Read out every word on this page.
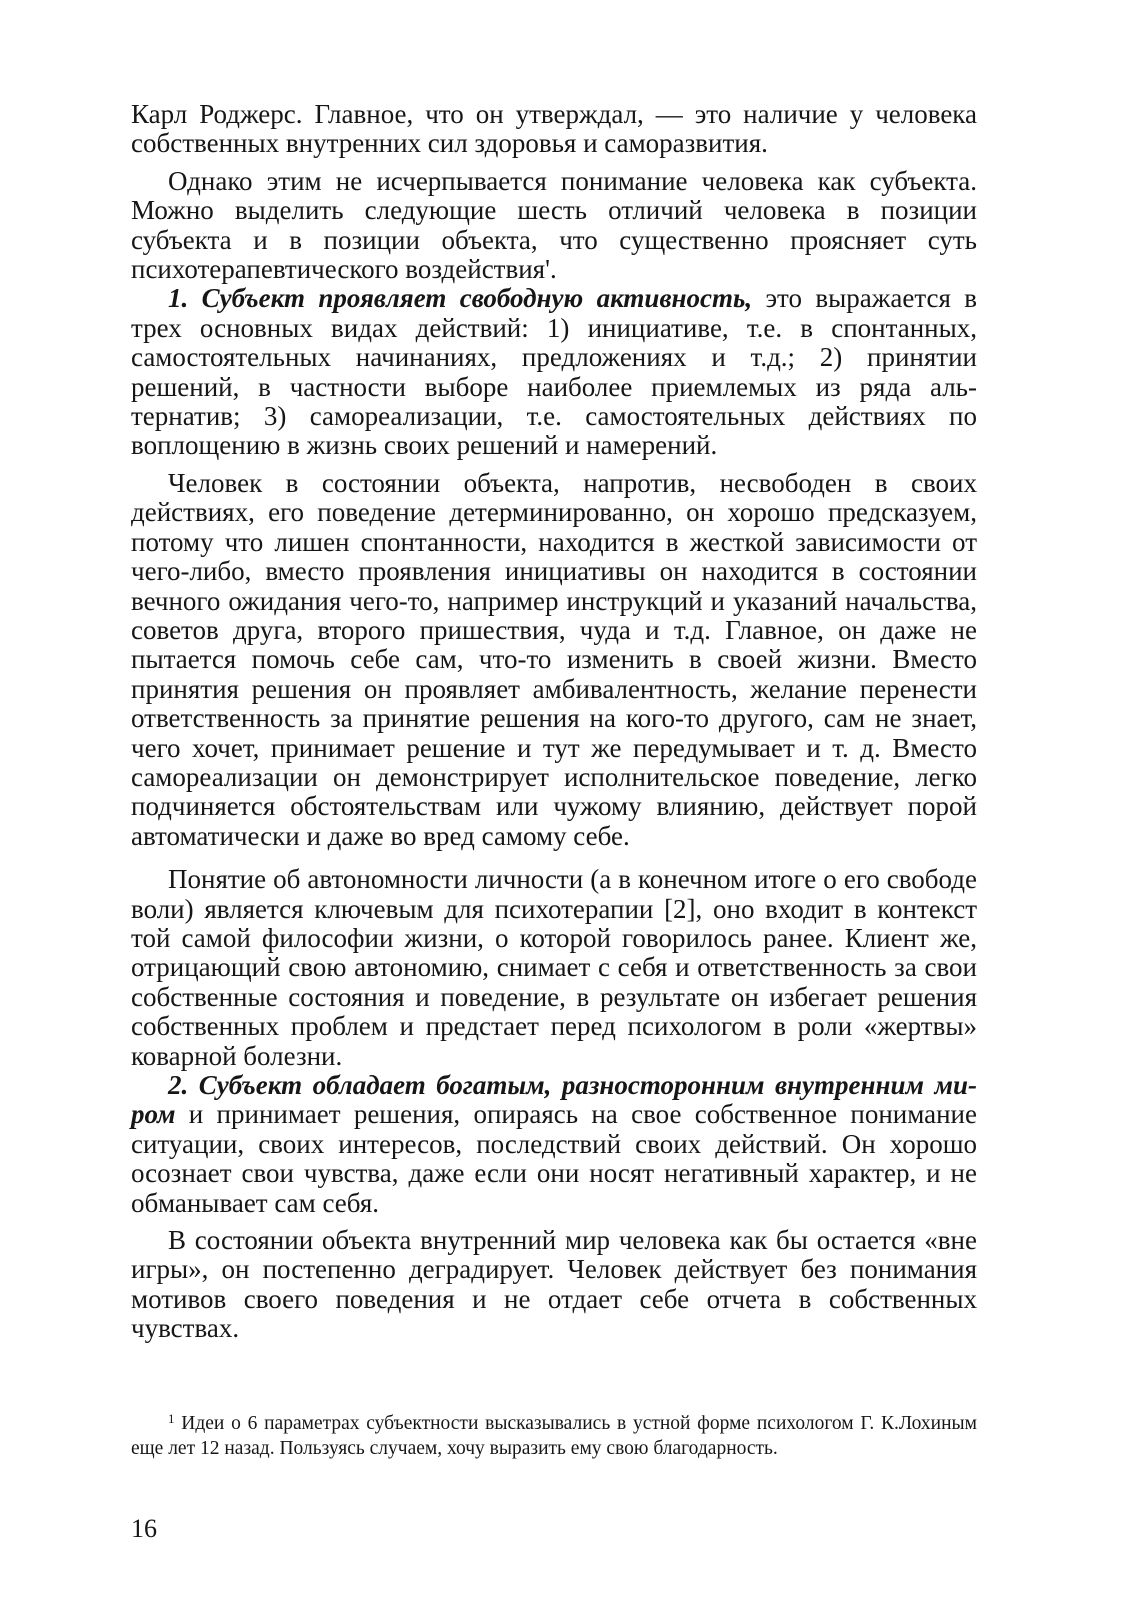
Карл Роджерс. Главное, что он утверждал, — это наличие у человека собственных внутренних сил здоровья и саморазвития.

Однако этим не исчерпывается понимание человека как субъекта. Можно выделить следующие шесть отличий человека в позиции субъекта и в позиции объекта, что существенно проясняет суть психотерапевтического воздействия'.

1. Субъект проявляет свободную активность, это выражается в трех основных видах действий: 1) инициативе, т.е. в спонтанных, самостоятельных начинаниях, предложениях и т.д.; 2) принятии решений, в частности выборе наиболее приемлемых из ряда альтернатив; 3) самореализации, т.е. самостоятельных действиях по воплощению в жизнь своих решений и намерений.

Человек в состоянии объекта, напротив, несвободен в своих действиях, его поведение детерминированно, он хорошо предсказуем, потому что лишен спонтанности, находится в жесткой зависимости от чего-либо, вместо проявления инициативы он находится в состоянии вечного ожидания чего-то, например инструкций и указаний начальства, советов друга, второго пришествия, чуда и т.д. Главное, он даже не пытается помочь себе сам, что-то изменить в своей жизни. Вместо принятия решения он проявляет амбивалентность, желание перенести ответственность за принятие решения на кого-то другого, сам не знает, чего хочет, принимает решение и тут же передумывает и т. д. Вместо самореализации он демонстрирует исполнительское поведение, легко подчиняется обстоятельствам или чужому влиянию, действует порой автоматически и даже во вред самому себе.

Понятие об автономности личности (а в конечном итоге о его свободе воли) является ключевым для психотерапии [2], оно входит в контекст той самой философии жизни, о которой говорилось ранее. Клиент же, отрицающий свою автономию, снимает с себя и ответственность за свои собственные состояния и поведение, в результате он избегает решения собственных проблем и предстает перед психологом в роли «жертвы» коварной болезни.

2. Субъект обладает богатым, разносторонним внутренним миром и принимает решения, опираясь на свое собственное понимание ситуации, своих интересов, последствий своих действий. Он хорошо осознает свои чувства, даже если они носят негативный характер, и не обманывает сам себя.

В состоянии объекта внутренний мир человека как бы остается «вне игры», он постепенно деградирует. Человек действует без понимания мотивов своего поведения и не отдает себе отчета в собственных чувствах.

$^1$ Идеи о 6 параметрах субъектности высказывались в устной форме психологом Г. К.Лохиным еще лет 12 назад. Пользуясь случаем, хочу выразить ему свою благодарность.

16
